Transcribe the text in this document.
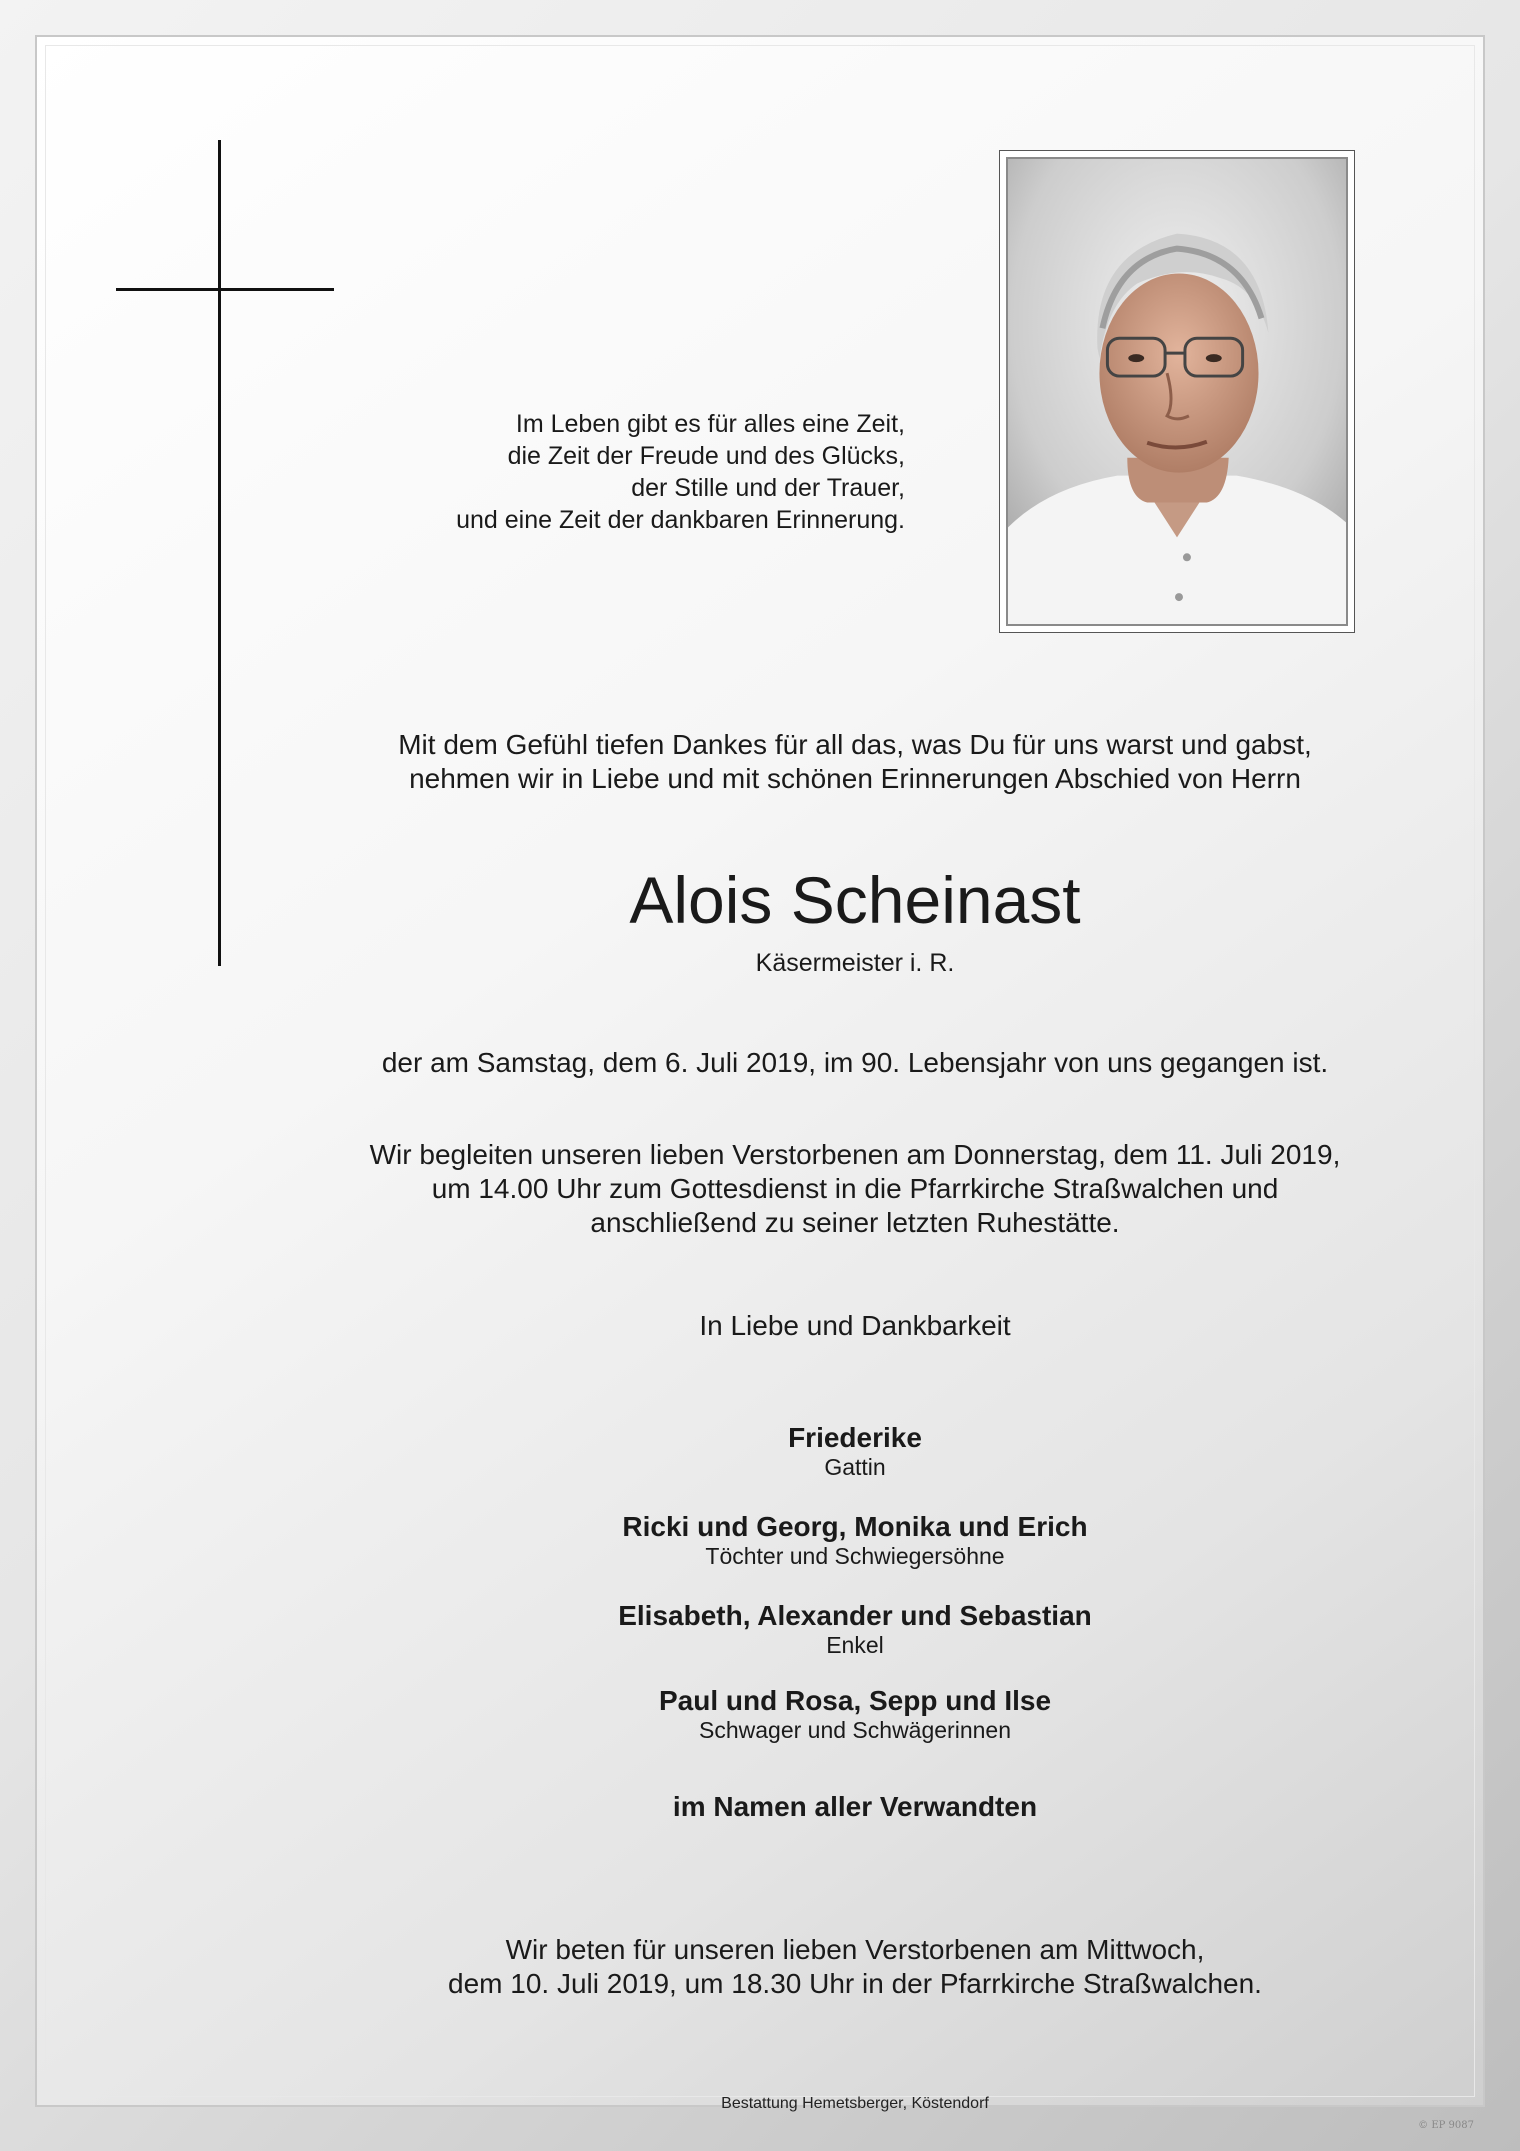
Im Leben gibt es für alles eine Zeit,
die Zeit der Freude und des Glücks,
der Stille und der Trauer,
und eine Zeit der dankbaren Erinnerung.
Mit dem Gefühl tiefen Dankes für all das, was Du für uns warst und gabst,
nehmen wir in Liebe und mit schönen Erinnerungen Abschied von Herrn
Alois Scheinast
Käsermeister i. R.
der am Samstag, dem 6. Juli 2019, im 90. Lebensjahr von uns gegangen ist.
Wir begleiten unseren lieben Verstorbenen am Donnerstag, dem 11. Juli 2019,
um 14.00 Uhr zum Gottesdienst in die Pfarrkirche Straßwalchen und
anschließend zu seiner letzten Ruhestätte.
In Liebe und Dankbarkeit
Friederike
Gattin
Ricki und Georg, Monika und Erich
Töchter und Schwiegersöhne
Elisabeth, Alexander und Sebastian
Enkel
Paul und Rosa, Sepp und Ilse
Schwager und Schwägerinnen
im Namen aller Verwandten
Wir beten für unseren lieben Verstorbenen am Mittwoch,
dem 10. Juli 2019, um 18.30 Uhr in der Pfarrkirche Straßwalchen.
Bestattung Hemetsberger, Köstendorf
© EP 9087
